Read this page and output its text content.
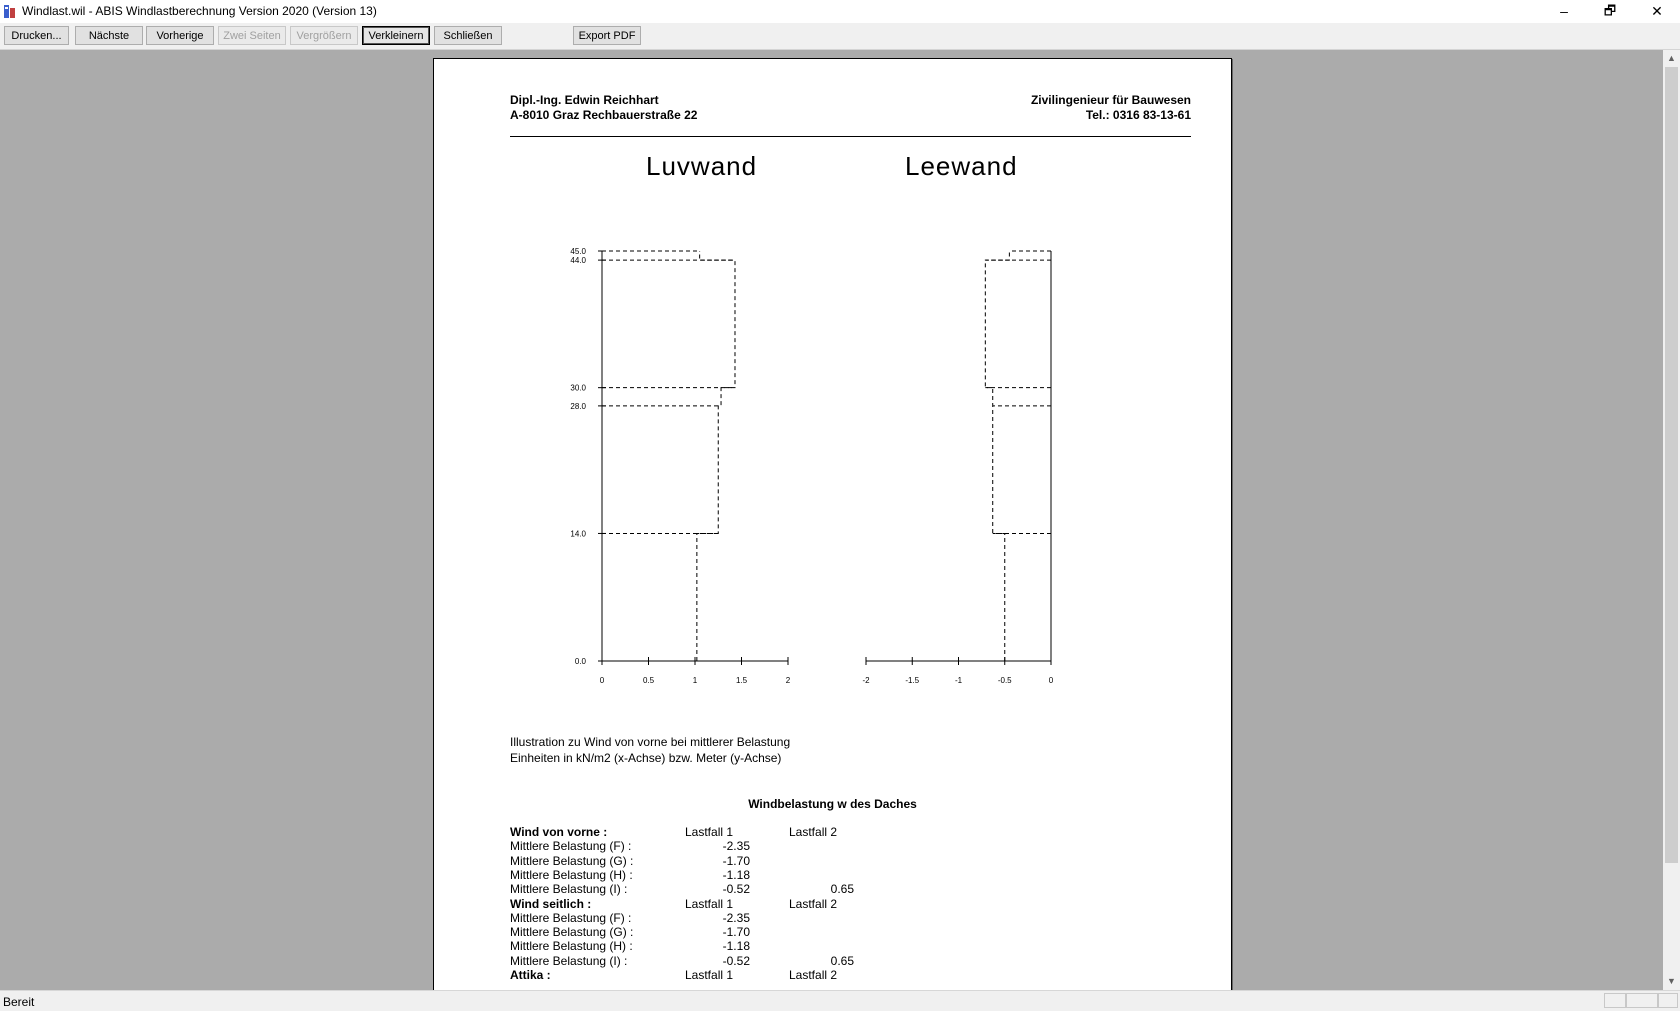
Windlast.wil - ABIS Windlastberechnung Version 2020 (Version 13)	–	🗗	✕
Drucken...	Nächste	Vorherige	Zwei Seiten	Vergrößern	Verkleinern	Schließen	Export PDF
Dipl.-Ing. Edwin Reichhart
A-8010 Graz Rechbauerstraße 22
Zivilingenieur für Bauwesen
Tel.: 0316 83-13-61
Luvwand	Leewand
0	0.5	1	1.5	2
0.0
14.0
28.0
30.0
44.0
45.0
-2	-1.5	-1	-0.5	0
Illustration zu Wind von vorne bei mittlerer Belastung
Einheiten in kN/m2 (x-Achse) bzw. Meter (y-Achse)
Windbelastung w des Daches
Wind von vorne :	Lastfall 1	Lastfall 2
Mittlere Belastung (F) :	-2.35
Mittlere Belastung (G) :	-1.70
Mittlere Belastung (H) :	-1.18
Mittlere Belastung (I) :	-0.52	0.65
Wind seitlich :	Lastfall 1	Lastfall 2
Mittlere Belastung (F) :	-2.35
Mittlere Belastung (G) :	-1.70
Mittlere Belastung (H) :	-1.18
Mittlere Belastung (I) :	-0.52	0.65
Attika :	Lastfall 1	Lastfall 2
▲
▼
Bereit
